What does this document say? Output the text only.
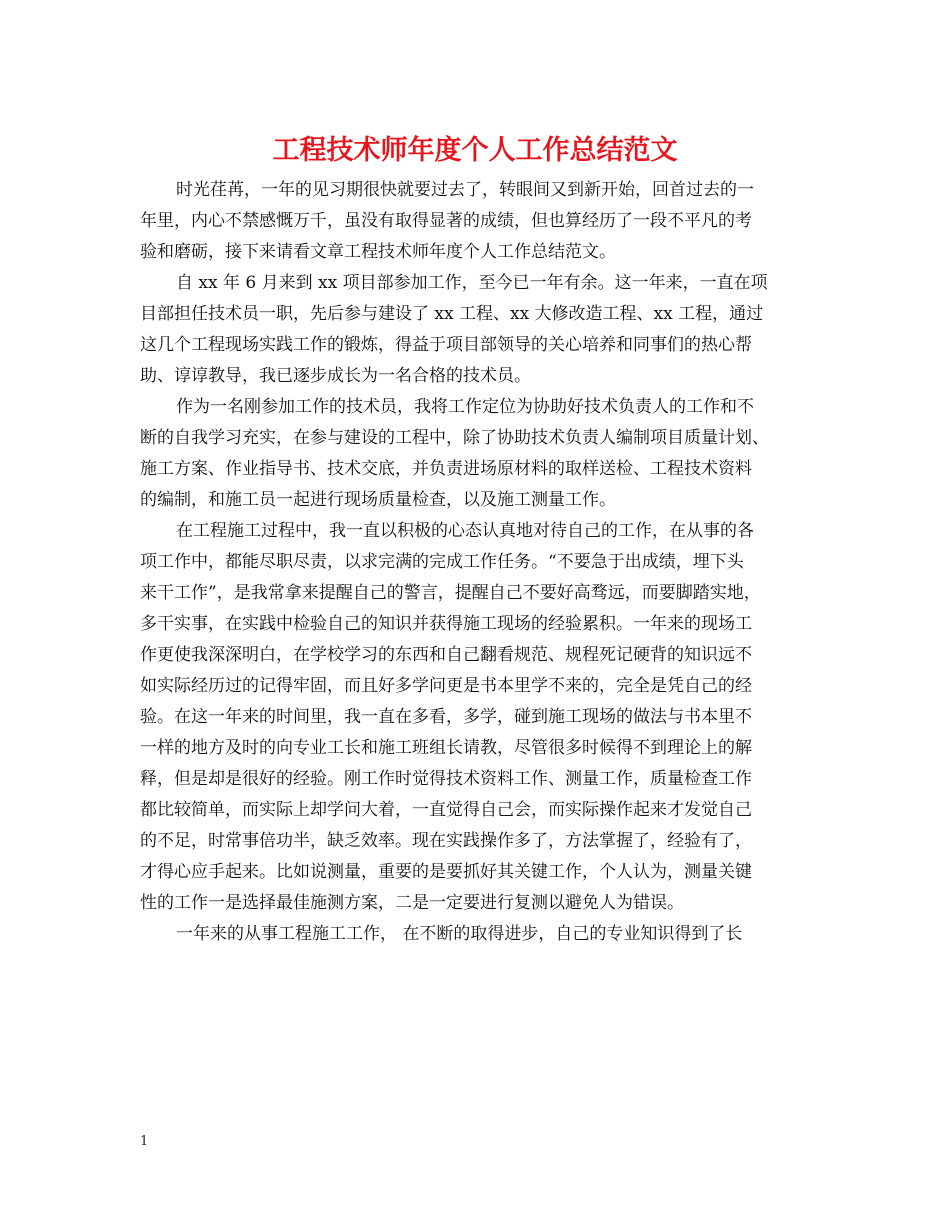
工程技术师年度个人工作总结范文
时光荏苒，一年的见习期很快就要过去了，转眼间又到新开始，回首过去的一
年里，内心不禁感慨万千，虽没有取得显著的成绩，但也算经历了一段不平凡的考
验和磨砺，接下来请看文章工程技术师年度个人工作总结范文。
自 xx 年 6 月来到 xx 项目部参加工作，至今已一年有余。这一年来，一直在项
目部担任技术员一职，先后参与建设了 xx 工程、xx 大修改造工程、xx 工程，通过
这几个工程现场实践工作的锻炼，得益于项目部领导的关心培养和同事们的热心帮
助、谆谆教导，我已逐步成长为一名合格的技术员。
作为一名刚参加工作的技术员，我将工作定位为协助好技术负责人的工作和不
断的自我学习充实，在参与建设的工程中，除了协助技术负责人编制项目质量计划、
施工方案、作业指导书、技术交底，并负责进场原材料的取样送检、工程技术资料
的编制，和施工员一起进行现场质量检查，以及施工测量工作。
在工程施工过程中，我一直以积极的心态认真地对待自己的工作，在从事的各
项工作中，都能尽职尽责，以求完满的完成工作任务。“不要急于出成绩，埋下头
来干工作”，是我常拿来提醒自己的警言，提醒自己不要好高骛远，而要脚踏实地，
多干实事，在实践中检验自己的知识并获得施工现场的经验累积。一年来的现场工
作更使我深深明白，在学校学习的东西和自己翻看规范、规程死记硬背的知识远不
如实际经历过的记得牢固，而且好多学问更是书本里学不来的，完全是凭自己的经
验。在这一年来的时间里，我一直在多看，多学，碰到施工现场的做法与书本里不
一样的地方及时的向专业工长和施工班组长请教，尽管很多时候得不到理论上的解
释，但是却是很好的经验。刚工作时觉得技术资料工作、测量工作，质量检查工作
都比较简单，而实际上却学问大着，一直觉得自己会，而实际操作起来才发觉自己
的不足，时常事倍功半，缺乏效率。现在实践操作多了，方法掌握了，经验有了，
才得心应手起来。比如说测量，重要的是要抓好其关键工作，个人认为，测量关键
性的工作一是选择最佳施测方案，二是一定要进行复测以避免人为错误。
一年来的从事工程施工工作， 在不断的取得进步，自己的专业知识得到了长
1
